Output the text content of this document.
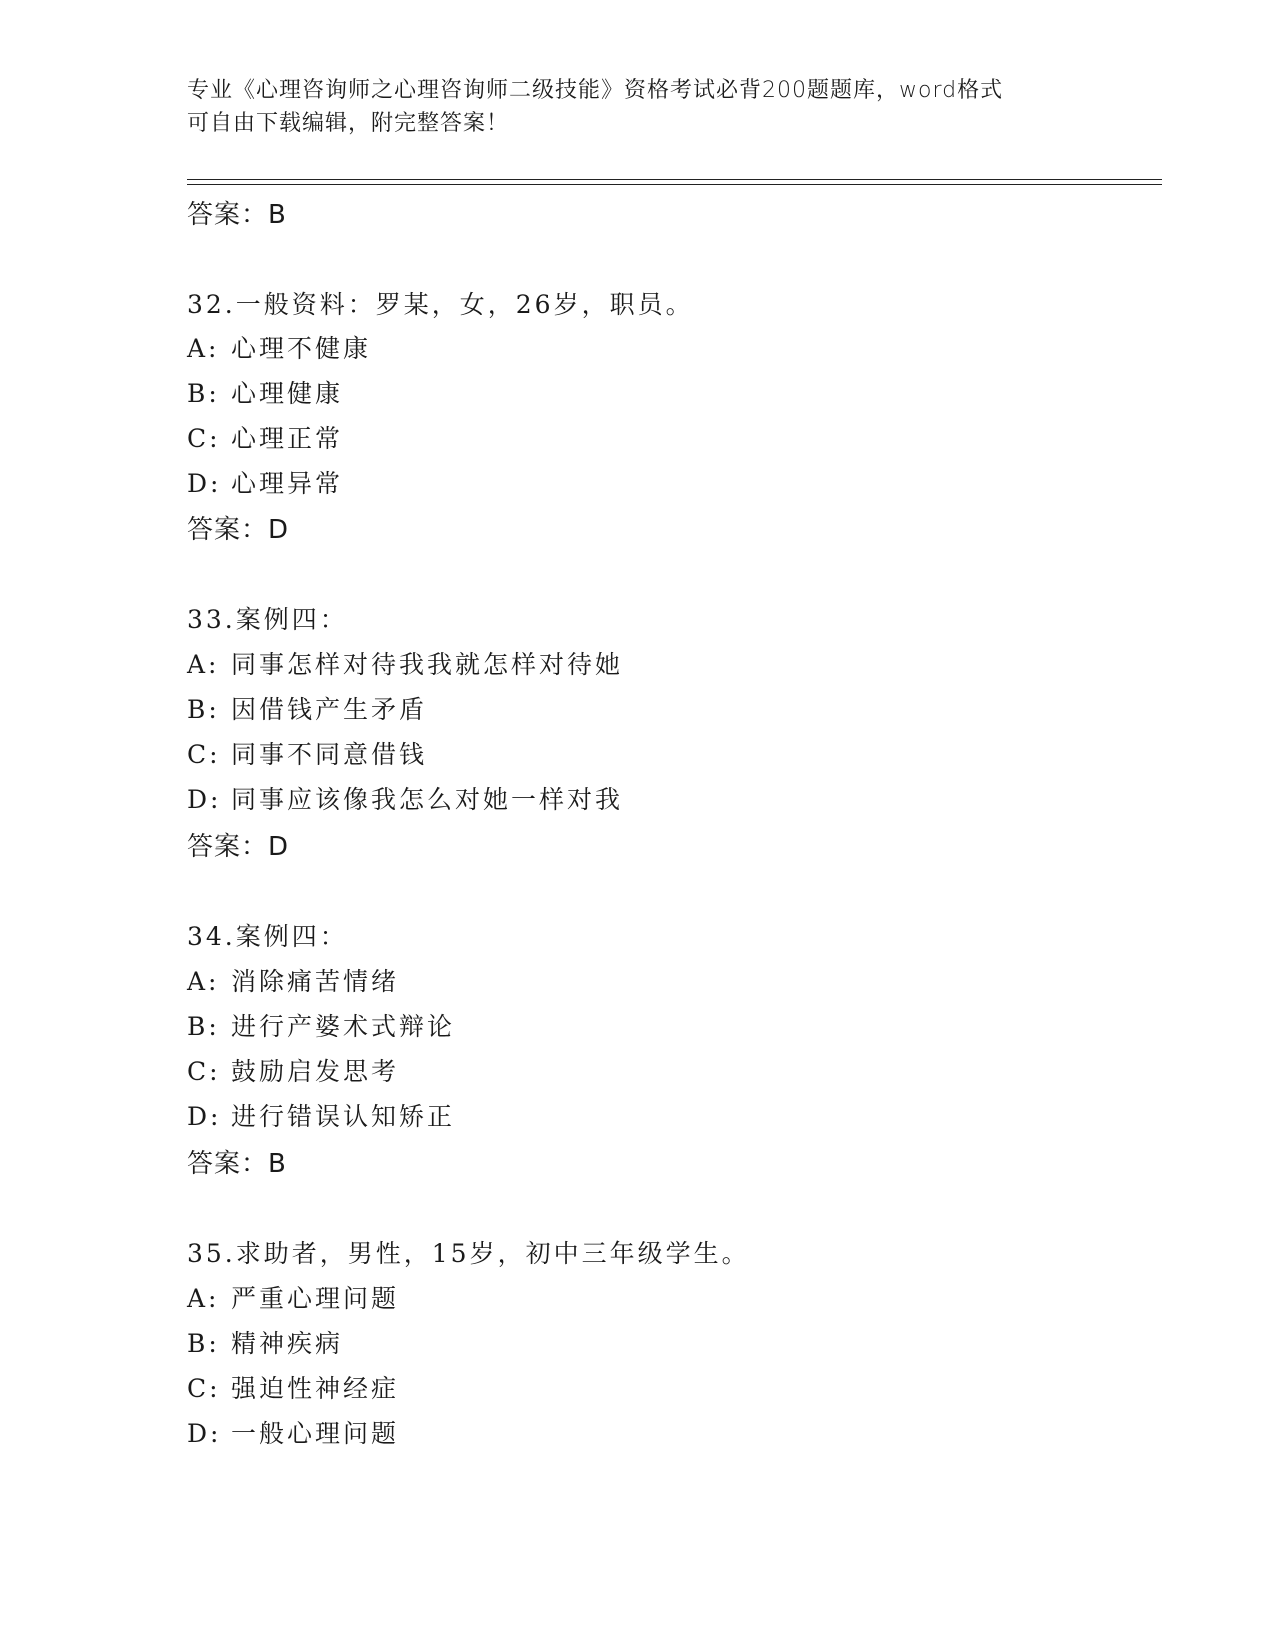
专业《心理咨询师之心理咨询师二级技能》资格考试必背200题题库，word格式
可自由下载编辑，附完整答案！
答案：B
32.一般资料：罗某，女，26岁，职员。
A: 心理不健康
B: 心理健康
C: 心理正常
D: 心理异常
答案：D
33.案例四：
A: 同事怎样对待我我就怎样对待她
B: 因借钱产生矛盾
C: 同事不同意借钱
D: 同事应该像我怎么对她一样对我
答案：D
34.案例四：
A: 消除痛苦情绪
B: 进行产婆术式辩论
C: 鼓励启发思考
D: 进行错误认知矫正
答案：B
35.求助者，男性，15岁，初中三年级学生。
A: 严重心理问题
B: 精神疾病
C: 强迫性神经症
D: 一般心理问题
